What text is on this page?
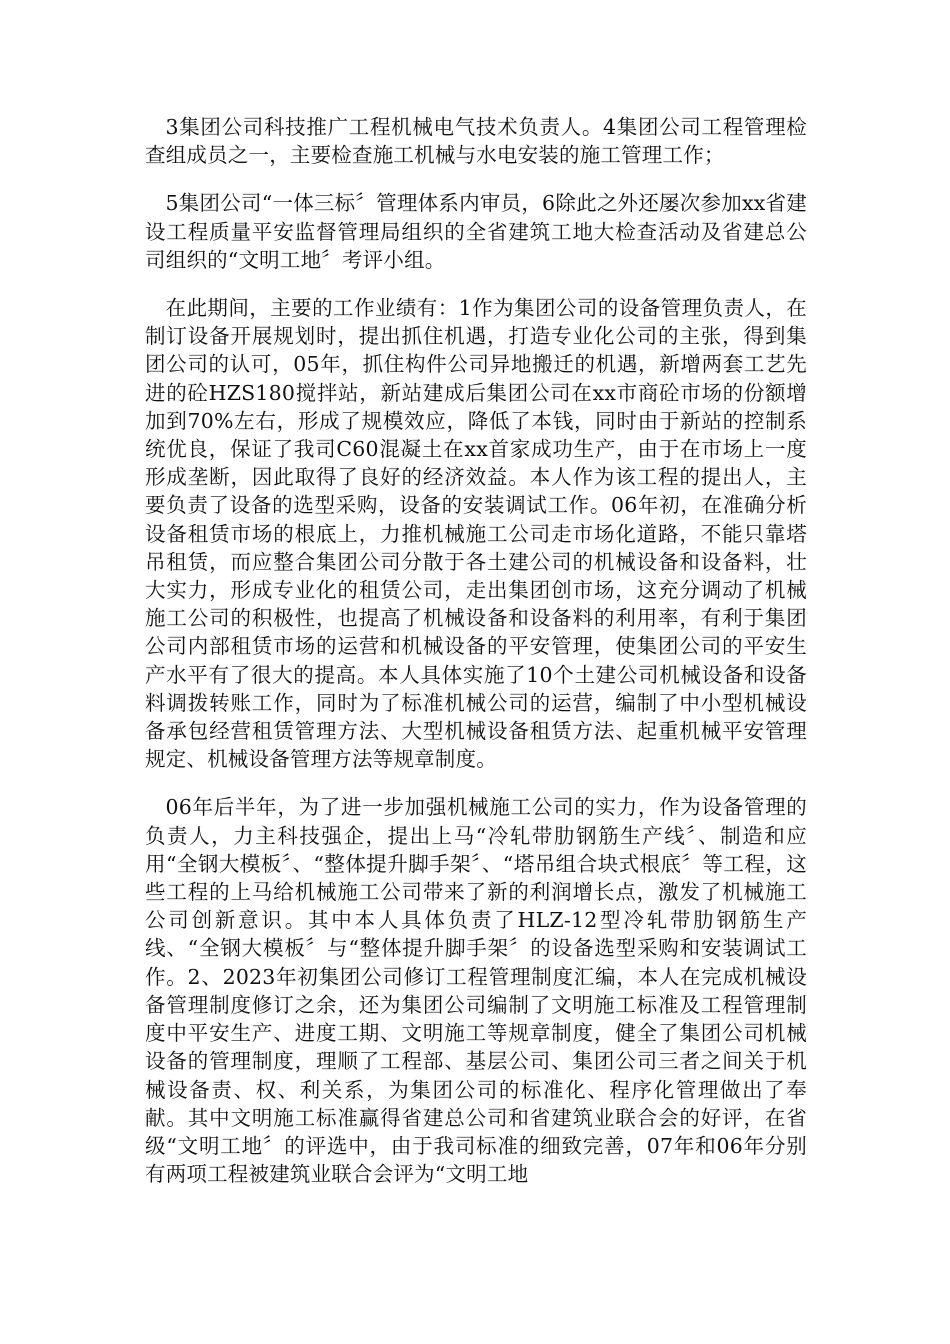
3集团公司科技推广工程机械电气技术负责人。4集团公司工程管理检查组成员之一，主要检查施工机械与水电安装的施工管理工作；

5集团公司“一体三标〞管理体系内审员，6除此之外还屡次参加xx省建设工程质量平安监督管理局组织的全省建筑工地大检查活动及省建总公司组织的“文明工地〞考评小组。

在此期间，主要的工作业绩有：1作为集团公司的设备管理负责人，在制订设备开展规划时，提出抓住机遇，打造专业化公司的主张，得到集团公司的认可，05年，抓住构件公司异地搬迁的机遇，新增两套工艺先进的砼HZS180搅拌站，新站建成后集团公司在xx市商砼市场的份额增加到70%左右，形成了规模效应，降低了本钱，同时由于新站的控制系统优良，保证了我司C60混凝土在xx首家成功生产，由于在市场上一度形成垄断，因此取得了良好的经济效益。本人作为该工程的提出人，主要负责了设备的选型采购，设备的安装调试工作。06年初，在准确分析设备租赁市场的根底上，力推机械施工公司走市场化道路，不能只靠塔吊租赁，而应整合集团公司分散于各土建公司的机械设备和设备料，壮大实力，形成专业化的租赁公司，走出集团创市场，这充分调动了机械施工公司的积极性，也提高了机械设备和设备料的利用率，有利于集团公司内部租赁市场的运营和机械设备的平安管理，使集团公司的平安生产水平有了很大的提高。本人具体实施了10个土建公司机械设备和设备料调拨转账工作，同时为了标准机械公司的运营，编制了中小型机械设备承包经营租赁管理方法、大型机械设备租赁方法、起重机械平安管理规定、机械设备管理方法等规章制度。

06年后半年，为了进一步加强机械施工公司的实力，作为设备管理的负责人，力主科技强企，提出上马“冷轧带肋钢筋生产线〞、制造和应用“全钢大模板〞、“整体提升脚手架〞、“塔吊组合块式根底〞等工程，这些工程的上马给机械施工公司带来了新的利润增长点，激发了机械施工公司创新意识。其中本人具体负责了HLZ-12型冷轧带肋钢筋生产线、“全钢大模板〞与“整体提升脚手架〞的设备选型采购和安装调试工作。2、2023年初集团公司修订工程管理制度汇编，本人在完成机械设备管理制度修订之余，还为集团公司编制了文明施工标准及工程管理制度中平安生产、进度工期、文明施工等规章制度，健全了集团公司机械设备的管理制度，理顺了工程部、基层公司、集团公司三者之间关于机械设备责、权、利关系，为集团公司的标准化、程序化管理做出了奉献。其中文明施工标准赢得省建总公司和省建筑业联合会的好评，在省级“文明工地〞的评选中，由于我司标准的细致完善，07年和06年分别有两项工程被建筑业联合会评为“文明工地
